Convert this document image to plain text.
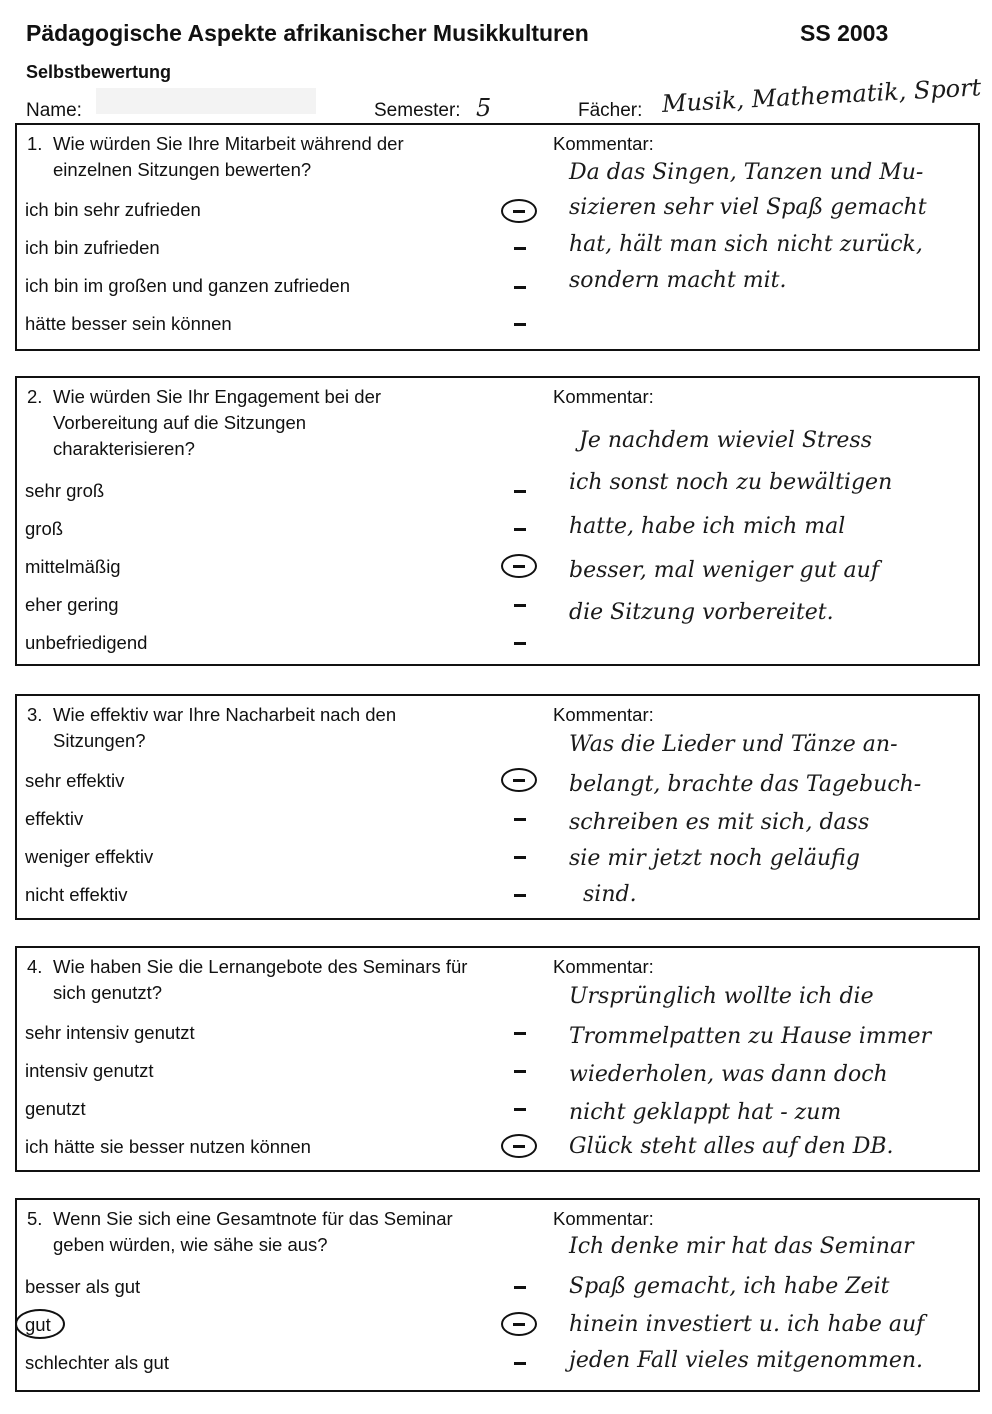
Pädagogische Aspekte afrikanischer Musikkulturen	SS 2003
Selbstbewertung
Name:	Semester: 5	Fächer: Musik, Mathematik, Sport
1. Wie würden Sie Ihre Mitarbeit während der einzelnen Sitzungen bewerten?
Kommentar:
ich bin sehr zufrieden
ich bin zufrieden
ich bin im großen und ganzen zufrieden
hätte besser sein können
Da das Singen, Tanzen und Mu-
sizieren sehr viel Spaß gemacht
hat, hält man sich nicht zurück,
sondern macht mit.
2. Wie würden Sie Ihr Engagement bei der Vorbereitung auf die Sitzungen charakterisieren?
Kommentar:
sehr groß
groß
mittelmäßig
eher gering
unbefriedigend
Je nachdem wieviel Stress
ich sonst noch zu bewältigen
hatte, habe ich mich mal
besser, mal weniger gut auf
die Sitzung vorbereitet.
3. Wie effektiv war Ihre Nacharbeit nach den Sitzungen?
Kommentar:
sehr effektiv
effektiv
weniger effektiv
nicht effektiv
Was die Lieder und Tänze an-
belangt, brachte das Tagebuch-
schreiben es mit sich, dass
sie mir jetzt noch geläufig
sind.
4. Wie haben Sie die Lernangebote des Seminars für sich genutzt?
Kommentar:
sehr intensiv genutzt
intensiv genutzt
genutzt
ich hätte sie besser nutzen können
Ursprünglich wollte ich die
Trommelpatten zu Hause immer
wiederholen, was dann doch
nicht geklappt hat - zum
Glück steht alles auf den DB.
5. Wenn Sie sich eine Gesamtnote für das Seminar geben würden, wie sähe sie aus?
Kommentar:
besser als gut
gut
schlechter als gut
Ich denke mir hat das Seminar
Spaß gemacht, ich habe Zeit
hinein investiert u. ich habe auf
jeden Fall vieles mitgenommen.
